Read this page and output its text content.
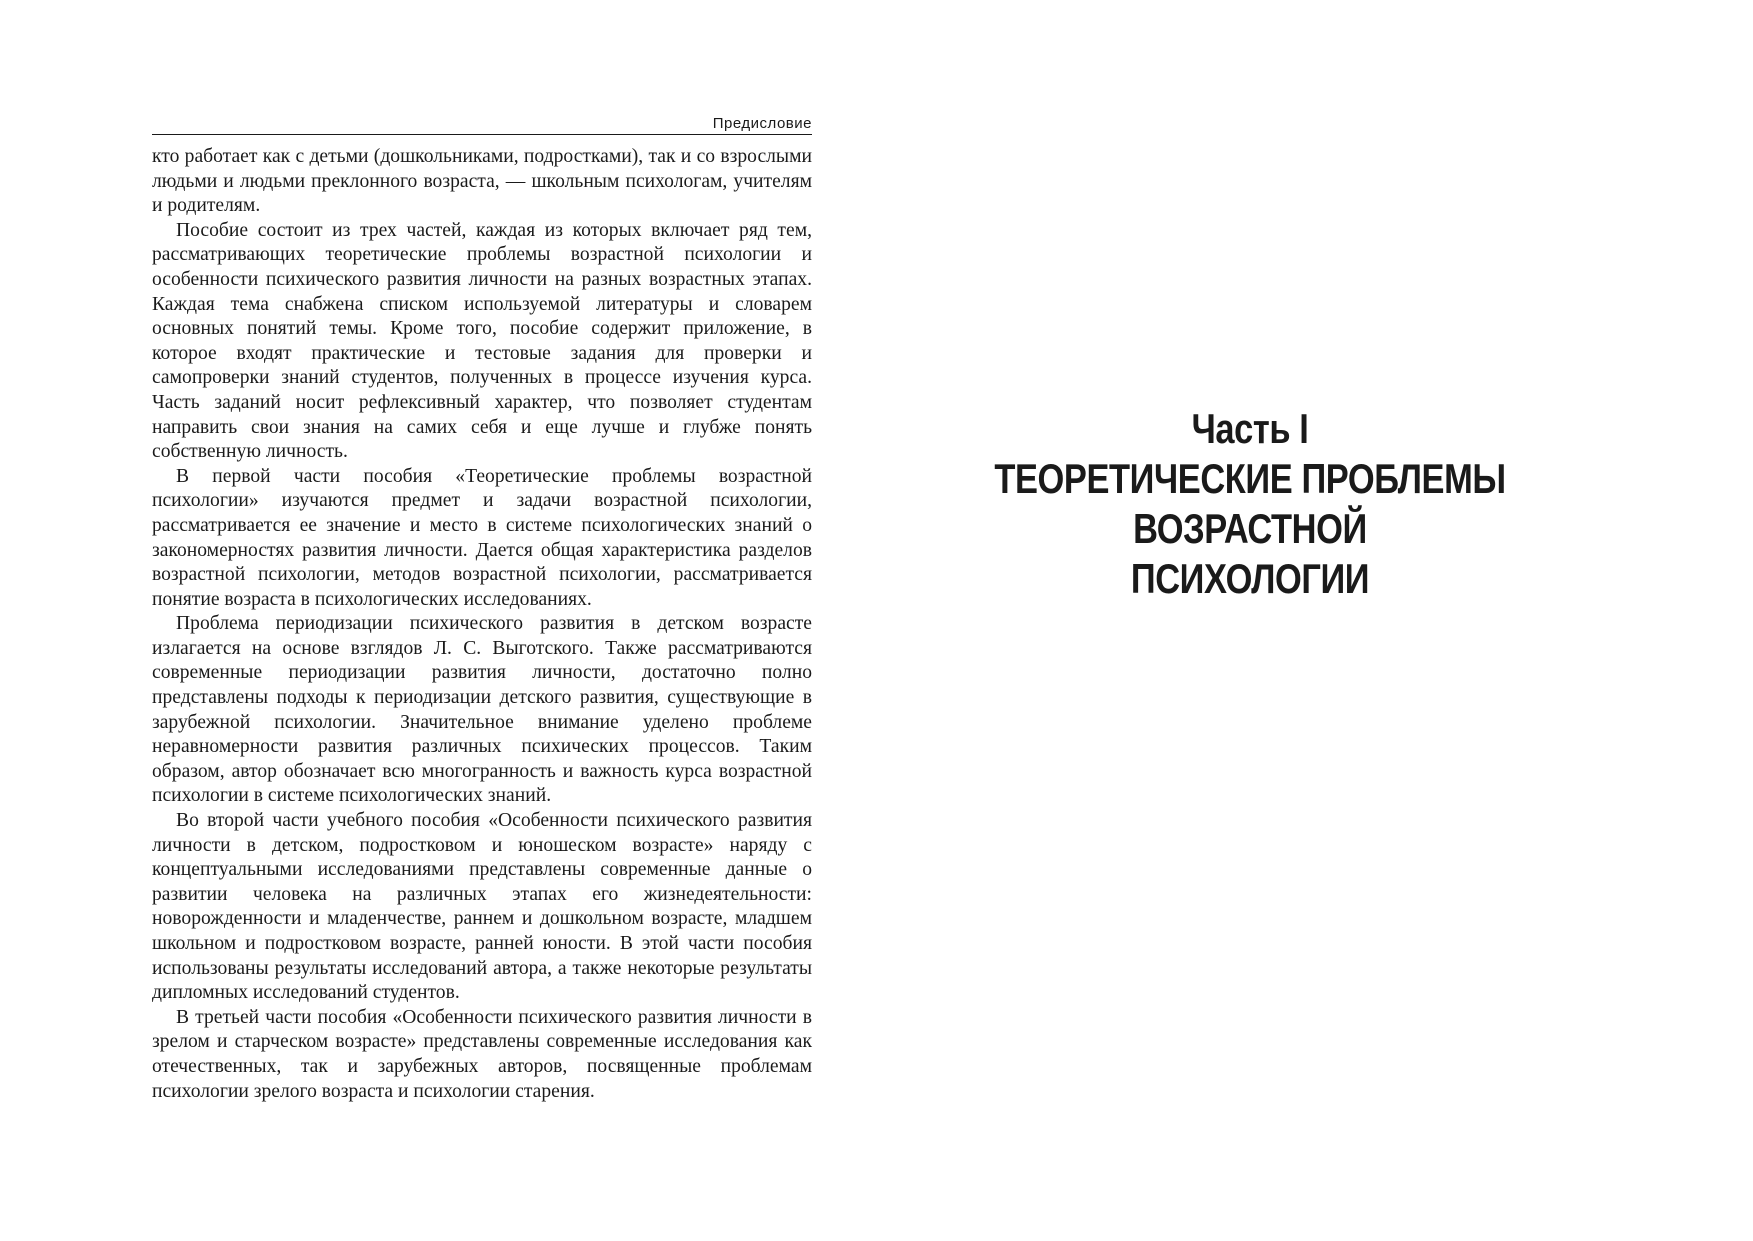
Предисловие

кто работает как с детьми (дошкольниками, подростками), так и со взрослыми людьми и людьми преклонного возраста, — школьным психологам, учителям и родителям.

Пособие состоит из трех частей, каждая из которых включает ряд тем, рассматривающих теоретические проблемы возрастной психологии и особенности психического развития личности на разных возрастных этапах. Каждая тема снабжена списком используемой литературы и словарем основных понятий темы. Кроме того, пособие содержит приложение, в которое входят практические и тестовые задания для проверки и самопроверки знаний студентов, полученных в процессе изучения курса. Часть заданий носит рефлексивный характер, что позволяет студентам направить свои знания на самих себя и еще лучше и глубже понять собственную личность.

В первой части пособия «Теоретические проблемы возрастной психологии» изучаются предмет и задачи возрастной психологии, рассматривается ее значение и место в системе психологических знаний о закономерностях развития личности. Дается общая характеристика разделов возрастной психологии, методов возрастной психологии, рассматривается понятие возраста в психологических исследованиях.

Проблема периодизации психического развития в детском возрасте излагается на основе взглядов Л. С. Выготского. Также рассматриваются современные периодизации развития личности, достаточно полно представлены подходы к периодизации детского развития, существующие в зарубежной психологии. Значительное внимание уделено проблеме неравномерности развития различных психических процессов. Таким образом, автор обозначает всю многогранность и важность курса возрастной психологии в системе психологических знаний.

Во второй части учебного пособия «Особенности психического развития личности в детском, подростковом и юношеском возрасте» наряду с концептуальными исследованиями представлены современные данные о развитии человека на различных этапах его жизнедеятельности: новорожденности и младенчестве, раннем и дошкольном возрасте, младшем школьном и подростковом возрасте, ранней юности. В этой части пособия использованы результаты исследований автора, а также некоторые результаты дипломных исследований студентов.

В третьей части пособия «Особенности психического развития личности в зрелом и старческом возрасте» представлены современные исследования как отечественных, так и зарубежных авторов, посвященные проблемам психологии зрелого возраста и психологии старения.

Часть I
ТЕОРЕТИЧЕСКИЕ ПРОБЛЕМЫ
ВОЗРАСТНОЙ
ПСИХОЛОГИИ
